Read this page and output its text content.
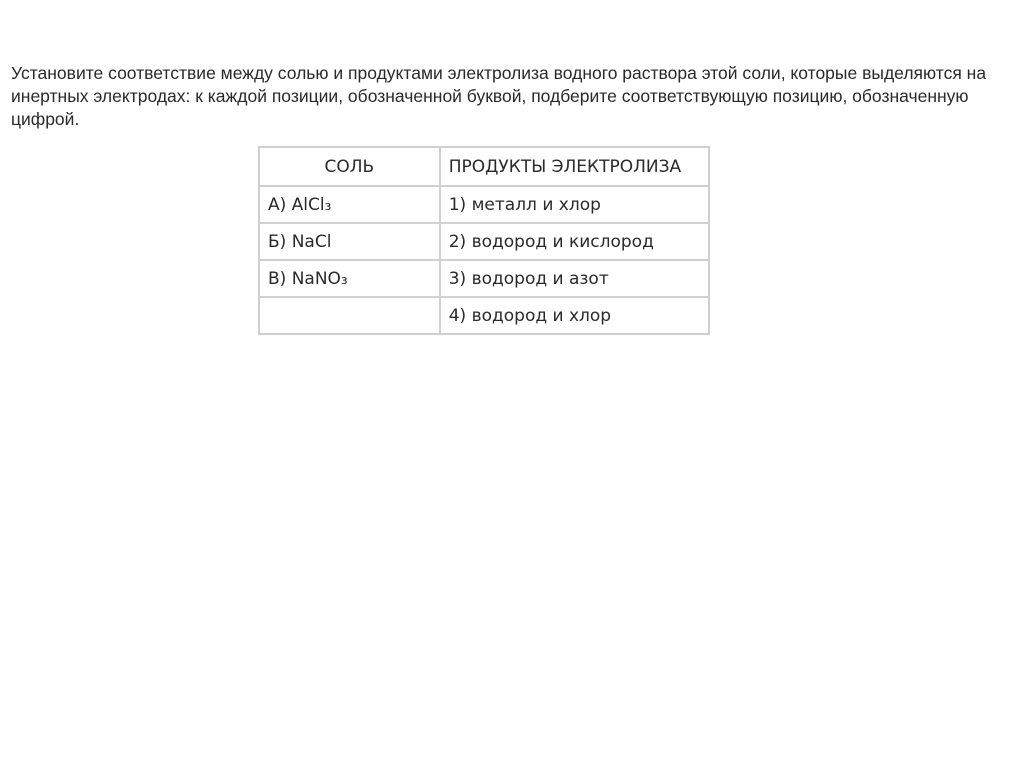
Установите соответствие между солью и продуктами электролиза водного раствора этой соли, которые выделяются на инертных электродах: к каждой позиции, обозначенной буквой, подберите соответствующую позицию, обозначенную цифрой.
СОЛЬ	ПРОДУКТЫ ЭЛЕКТРОЛИЗА
А) AlCl₃	1) металл и хлор
Б) NaCl	2) водород и кислород
В) NaNO₃	3) водород и азот
	4) водород и хлор
